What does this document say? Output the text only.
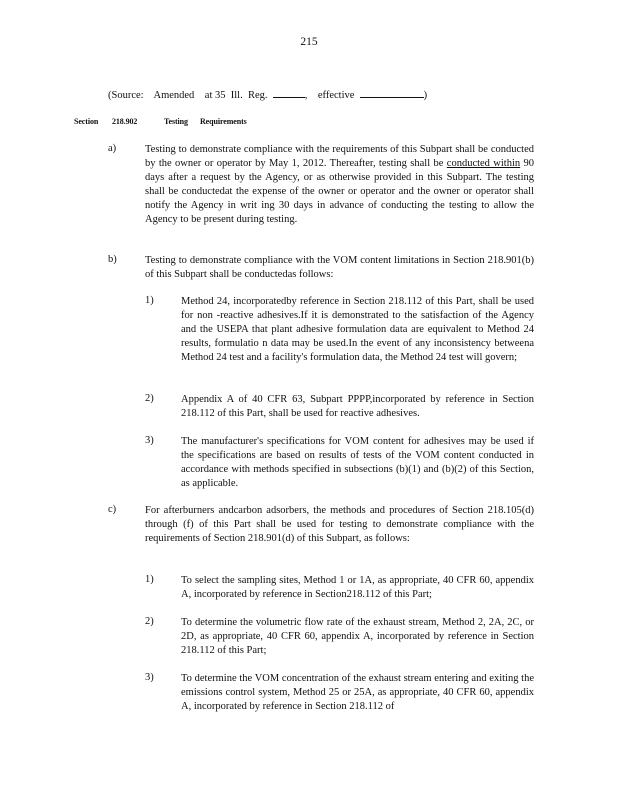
215
(Source:    Amended    at 35  Ill.  Reg.	,    effective	)
Section 218.902	Testing Requirements
a)	Testing to demonstrate compliance with the requirements of this Subpart shall be conducted by the owner or operator by May 1, 2012. Thereafter, testing shall be conducted within 90 days after a request by the Agency, or as otherwise provided in this Subpart. The testing shall be conductedat the expense of the owner or operator and the owner or operator shall notify the Agency in writ ing 30 days in advance of conducting the testing to allow the Agency to be present during testing.

b)	Testing to demonstrate compliance with the VOM content limitations in Section 218.901(b) of this Subpart shall be conductedas follows:

1)	Method 24, incorporatedby reference in Section 218.112 of this Part, shall be used for non -reactive adhesives.If it is demonstrated to the satisfaction of the Agency and the USEPA that plant adhesive formulation data are equivalent to Method 24 results, formulatio n data may be used.In the event of any inconsistency betweena Method 24 test and a facility's formulation data, the Method 24 test will govern;

2)	Appendix A of 40 CFR 63, Subpart PPPP,incorporated by reference in Section 218.112 of this Part, shall be used for reactive adhesives.

3)	The manufacturer's specifications for VOM content for adhesives may be used if the specifications are based on results of tests of the VOM content conducted in accordance with methods specified in subsections (b)(1) and (b)(2) of this Section, as applicable.

c)	For afterburners andcarbon adsorbers, the methods and procedures of Section 218.105(d) through (f) of this Part shall be used for testing to demonstrate compliance with the requirements of Section 218.901(d) of this Subpart, as follows:

1)	To select the sampling sites, Method 1 or 1A, as appropriate, 40 CFR 60, appendix A, incorporated by reference in Section218.112 of this Part;

2)	To determine the volumetric flow rate of the exhaust stream, Method 2, 2A, 2C, or 2D, as appropriate, 40 CFR 60, appendix A, incorporated by reference in Section 218.112 of this Part;

3)	To determine the VOM concentration of the exhaust stream entering and exiting the emissions control system, Method 25 or 25A, as appropriate, 40 CFR 60, appendix A, incorporated by reference in Section 218.112 of
